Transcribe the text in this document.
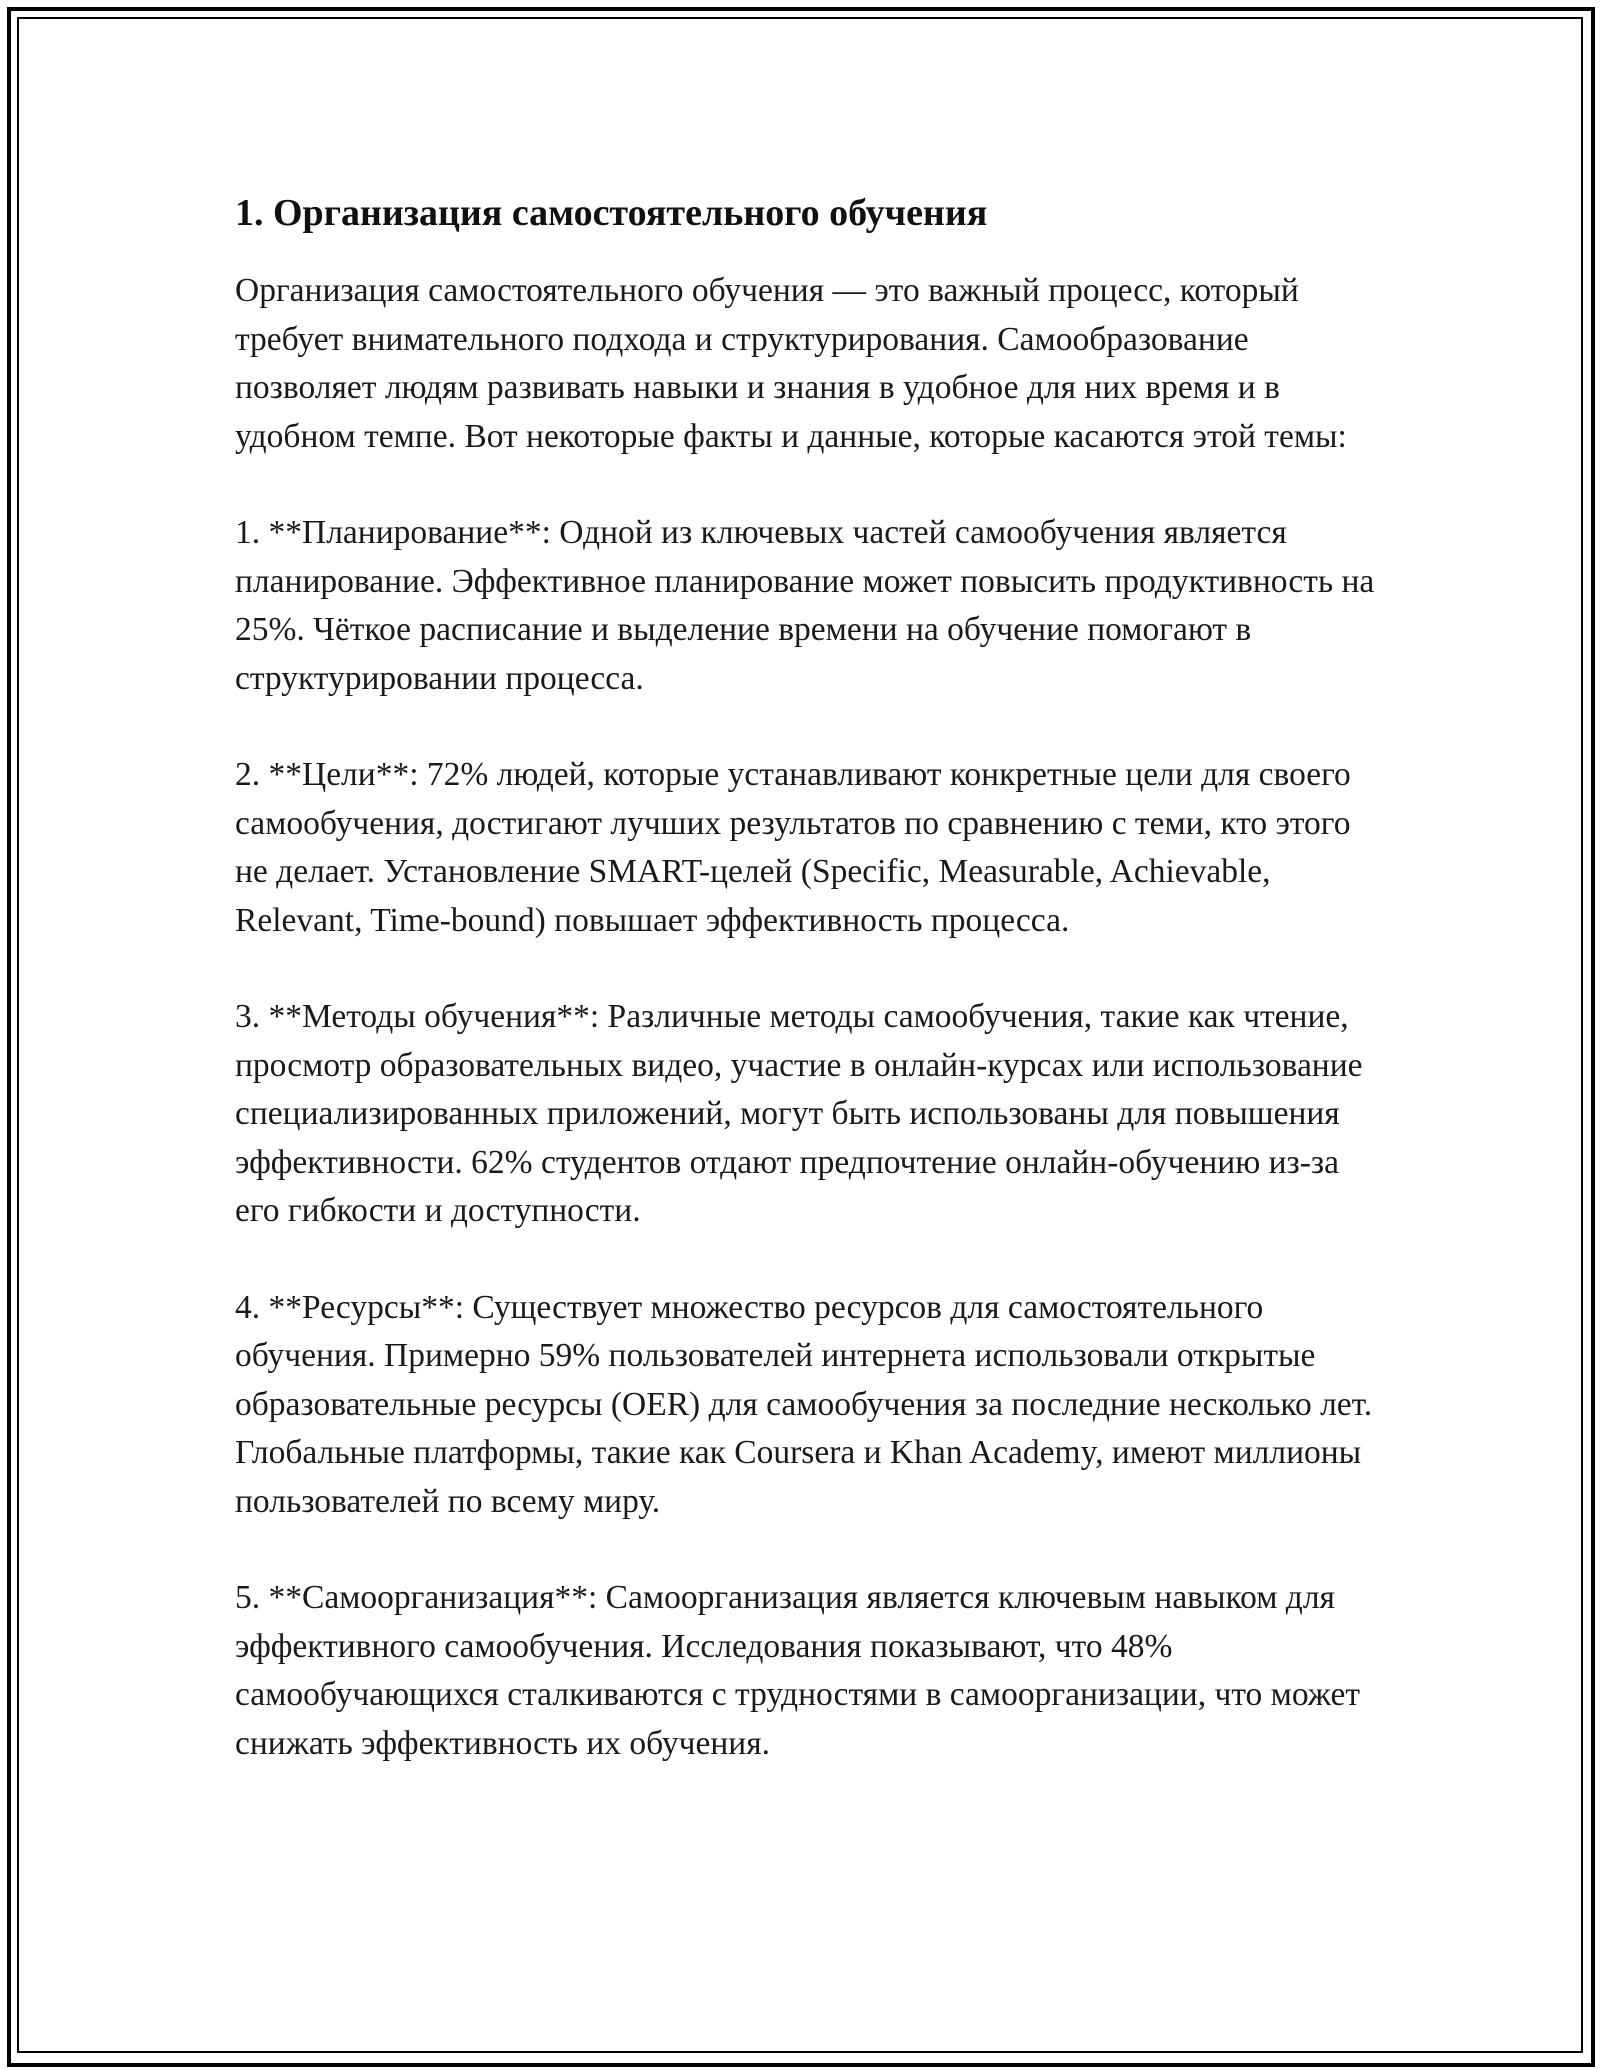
1. Организация самостоятельного обучения

Организация самостоятельного обучения — это важный процесс, который требует внимательного подхода и структурирования. Самообразование позволяет людям развивать навыки и знания в удобное для них время и в удобном темпе. Вот некоторые факты и данные, которые касаются этой темы:

1. **Планирование**: Одной из ключевых частей самообучения является планирование. Эффективное планирование может повысить продуктивность на 25%. Чёткое расписание и выделение времени на обучение помогают в структурировании процесса.

2. **Цели**: 72% людей, которые устанавливают конкретные цели для своего самообучения, достигают лучших результатов по сравнению с теми, кто этого не делает. Установление SMART-целей (Specific, Measurable, Achievable, Relevant, Time-bound) повышает эффективность процесса.

3. **Методы обучения**: Различные методы самообучения, такие как чтение, просмотр образовательных видео, участие в онлайн-курсах или использование специализированных приложений, могут быть использованы для повышения эффективности. 62% студентов отдают предпочтение онлайн-обучению из-за его гибкости и доступности.

4. **Ресурсы**: Существует множество ресурсов для самостоятельного обучения. Примерно 59% пользователей интернета использовали открытые образовательные ресурсы (OER) для самообучения за последние несколько лет. Глобальные платформы, такие как Coursera и Khan Academy, имеют миллионы пользователей по всему миру.

5. **Самоорганизация**: Самоорганизация является ключевым навыком для эффективного самообучения. Исследования показывают, что 48% самообучающихся сталкиваются с трудностями в самоорганизации, что может снижать эффективность их обучения.
